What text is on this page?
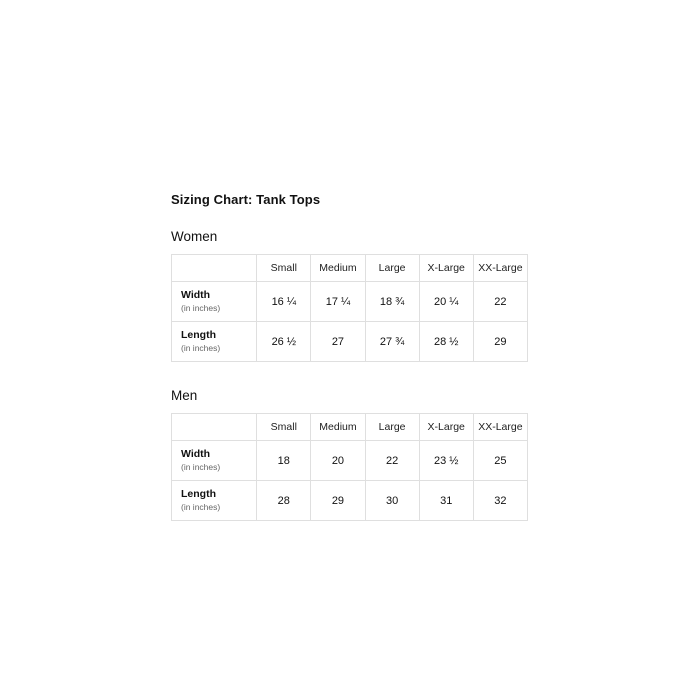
Sizing Chart: Tank Tops
Women
	Small	Medium	Large	X-Large	XX-Large

Width
(in inches)	16 ¼	17 ¼	18 ¾	20 ¼	22

Length
(in inches)	26 ½	27	27 ¾	28 ½	29
Men
	Small	Medium	Large	X-Large	XX-Large

Width
(in inches)	18	20	22	23 ½	25

Length
(in inches)	28	29	30	31	32
